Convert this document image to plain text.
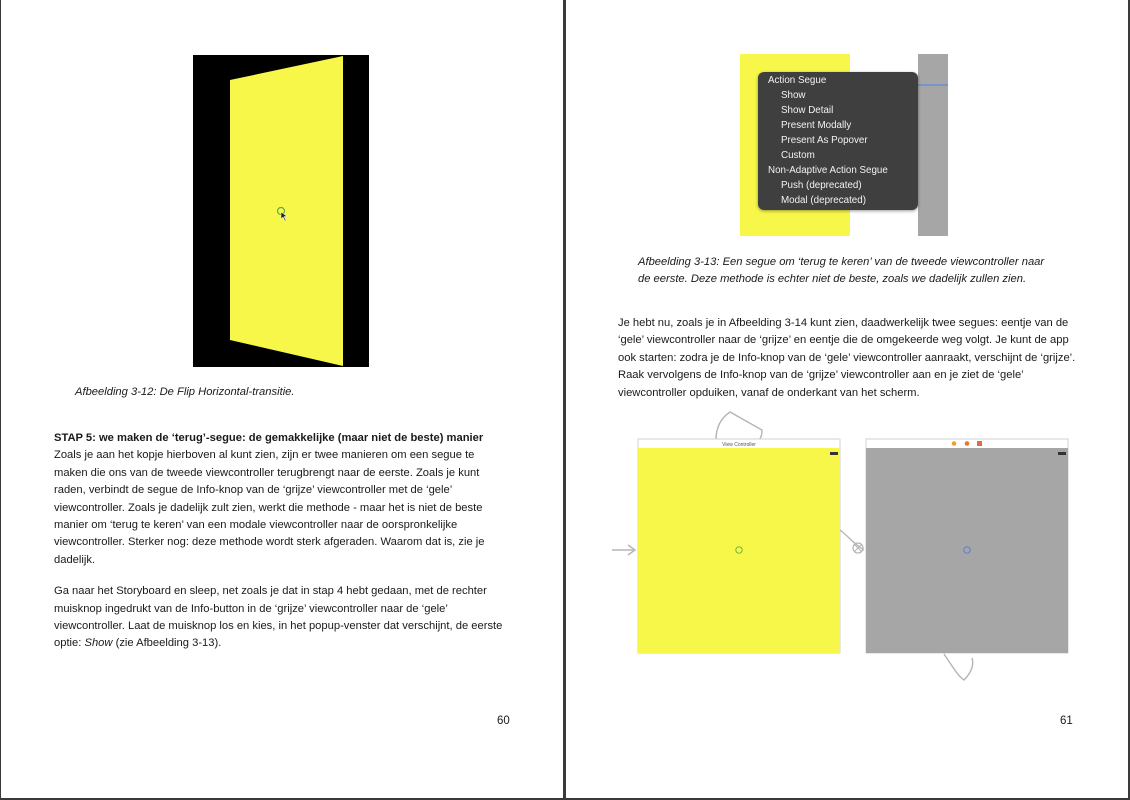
Afbeelding 3-12: De Flip Horizontal-transitie.
STAP 5: we maken de ‘terug’-segue: de gemakkelijke (maar niet de beste) manier

Zoals je aan het kopje hierboven al kunt zien, zijn er twee manieren om een segue te maken die ons van de tweede viewcontroller terugbrengt naar de eerste. Zoals je kunt raden, verbindt de segue de Info-knop van de ‘grijze’ viewcontroller met de ‘gele’ viewcontroller. Zoals je dadelijk zult zien, werkt die methode - maar het is niet de beste manier om ‘terug te keren’ van een modale viewcontroller naar de oorspronkelijke viewcontroller. Sterker nog: deze methode wordt sterk afgeraden. Waarom dat is, zie je dadelijk.

Ga naar het Storyboard en sleep, net zoals je dat in stap 4 hebt gedaan, met de rechter muisknop ingedrukt van de Info-button in de ‘grijze’ viewcontroller naar de ‘gele’ viewcontroller. Laat de muisknop los en kies, in het popup-venster dat verschijnt, de eerste optie: Show (zie Afbeelding 3-13).

60
Action Segue
Show
Show Detail
Present Modally
Present As Popover
Custom
Non-Adaptive Action Segue
Push (deprecated)
Modal (deprecated)
Afbeelding 3-13: Een segue om ‘terug te keren’ van de tweede viewcontroller naar de eerste. Deze methode is echter niet de beste, zoals we dadelijk zullen zien.

Je hebt nu, zoals je in Afbeelding 3-14 kunt zien, daadwerkelijk twee segues: eentje van de ‘gele’ viewcontroller naar de ‘grijze’ en eentje die de omgekeerde weg volgt. Je kunt de app ook starten: zodra je de Info-knop van de ‘gele’ viewcontroller aanraakt, verschijnt de ‘grijze’. Raak vervolgens de Info-knop van de ‘grijze’ viewcontroller aan en je ziet de ‘gele’ viewcontroller opduiken, vanaf de onderkant van het scherm.

View Controller
61
